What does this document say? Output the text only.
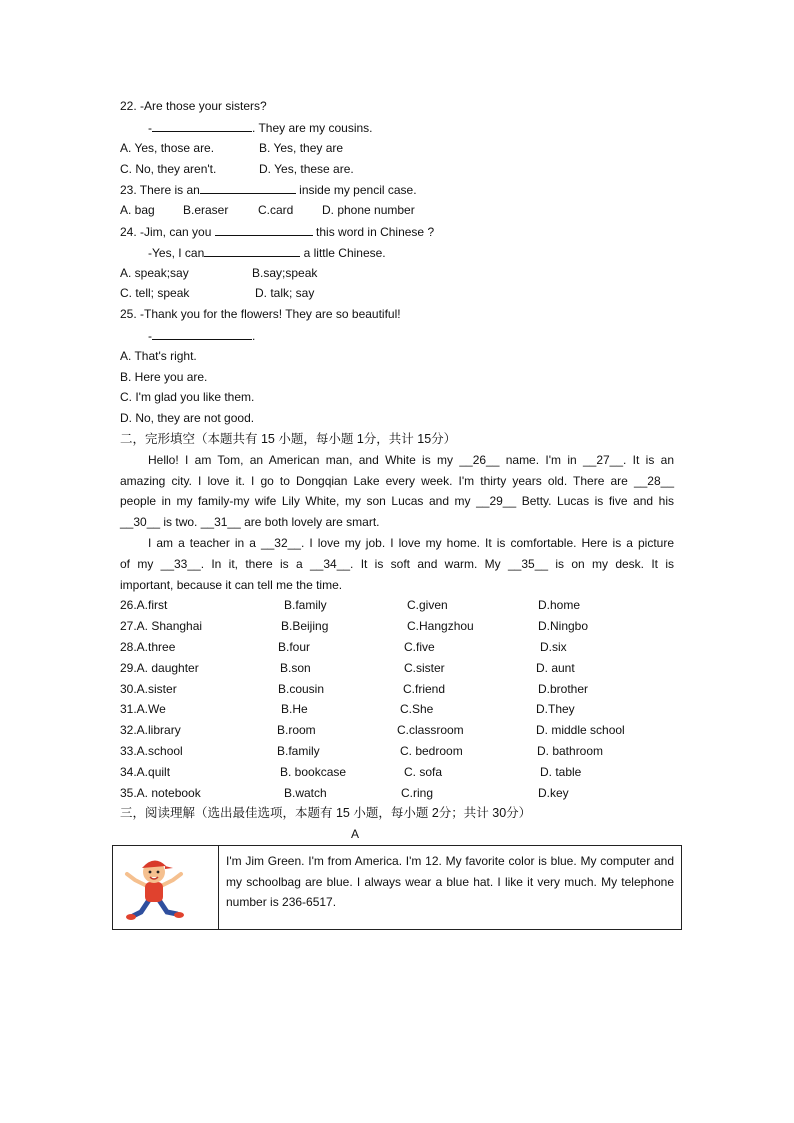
22. -Are those your sisters?
-	. They are my cousins.
A. Yes, those are.	B. Yes, they are
C. No, they aren't.	D. Yes, these are.
23. There is an	inside my pencil case.
A. bag B.eraser C.card D. phone number
24. -Jim, can you	this word in Chinese ?
-Yes, I can	a little Chinese.
A. speak;say	B.say;speak
C. tell; speak	D. talk; say
25. -Thank you for the flowers! They are so beautiful!
-	.
A. That's right.
B. Here you are.
C. I'm glad you like them.
D. No, they are not good.
二，完形填空（本题共有 15 小题，每小题 1分，共计 15分）
Hello! I am Tom, an American man, and White is my __26__ name. I'm in __27__. It is an
amazing city. I love it. I go to Dongqian Lake every week. I'm thirty years old. There are __28__
people in my family-my wife Lily White, my son Lucas and my __29__ Betty. Lucas is five and his
__30__ is two. __31__ are both lovely are smart.
I am a teacher in a __32__. I love my job. I love my home. It is comfortable. Here is a picture
of my __33__. In it, there is a __34__. It is soft and warm. My __35__ is on my desk. It is
important, because it can tell me the time.
26.A.first	B.family	C.given	D.home
27.A. Shanghai	B.Beijing	C.Hangzhou	D.Ningbo
28.A.three	B.four	C.five	D.six
29.A. daughter	B.son	C.sister	D. aunt
30.A.sister	B.cousin	C.friend	D.brother
31.A.We	B.He	C.She	D.They
32.A.library	B.room	C.classroom	D. middle school
33.A.school	B.family	C. bedroom	D. bathroom
34.A.quilt	B. bookcase	C. sofa	D. table
35.A. notebook	B.watch	C.ring	D.key
三，阅读理解（选出最佳选项，本题有 15 小题，每小题 2分；共计 30分）
A
I'm Jim Green. I'm from America. I'm 12. My favorite color is blue. My computer and my schoolbag are blue. I always wear a blue hat. I like it very much. My telephone number is 236-6517.
